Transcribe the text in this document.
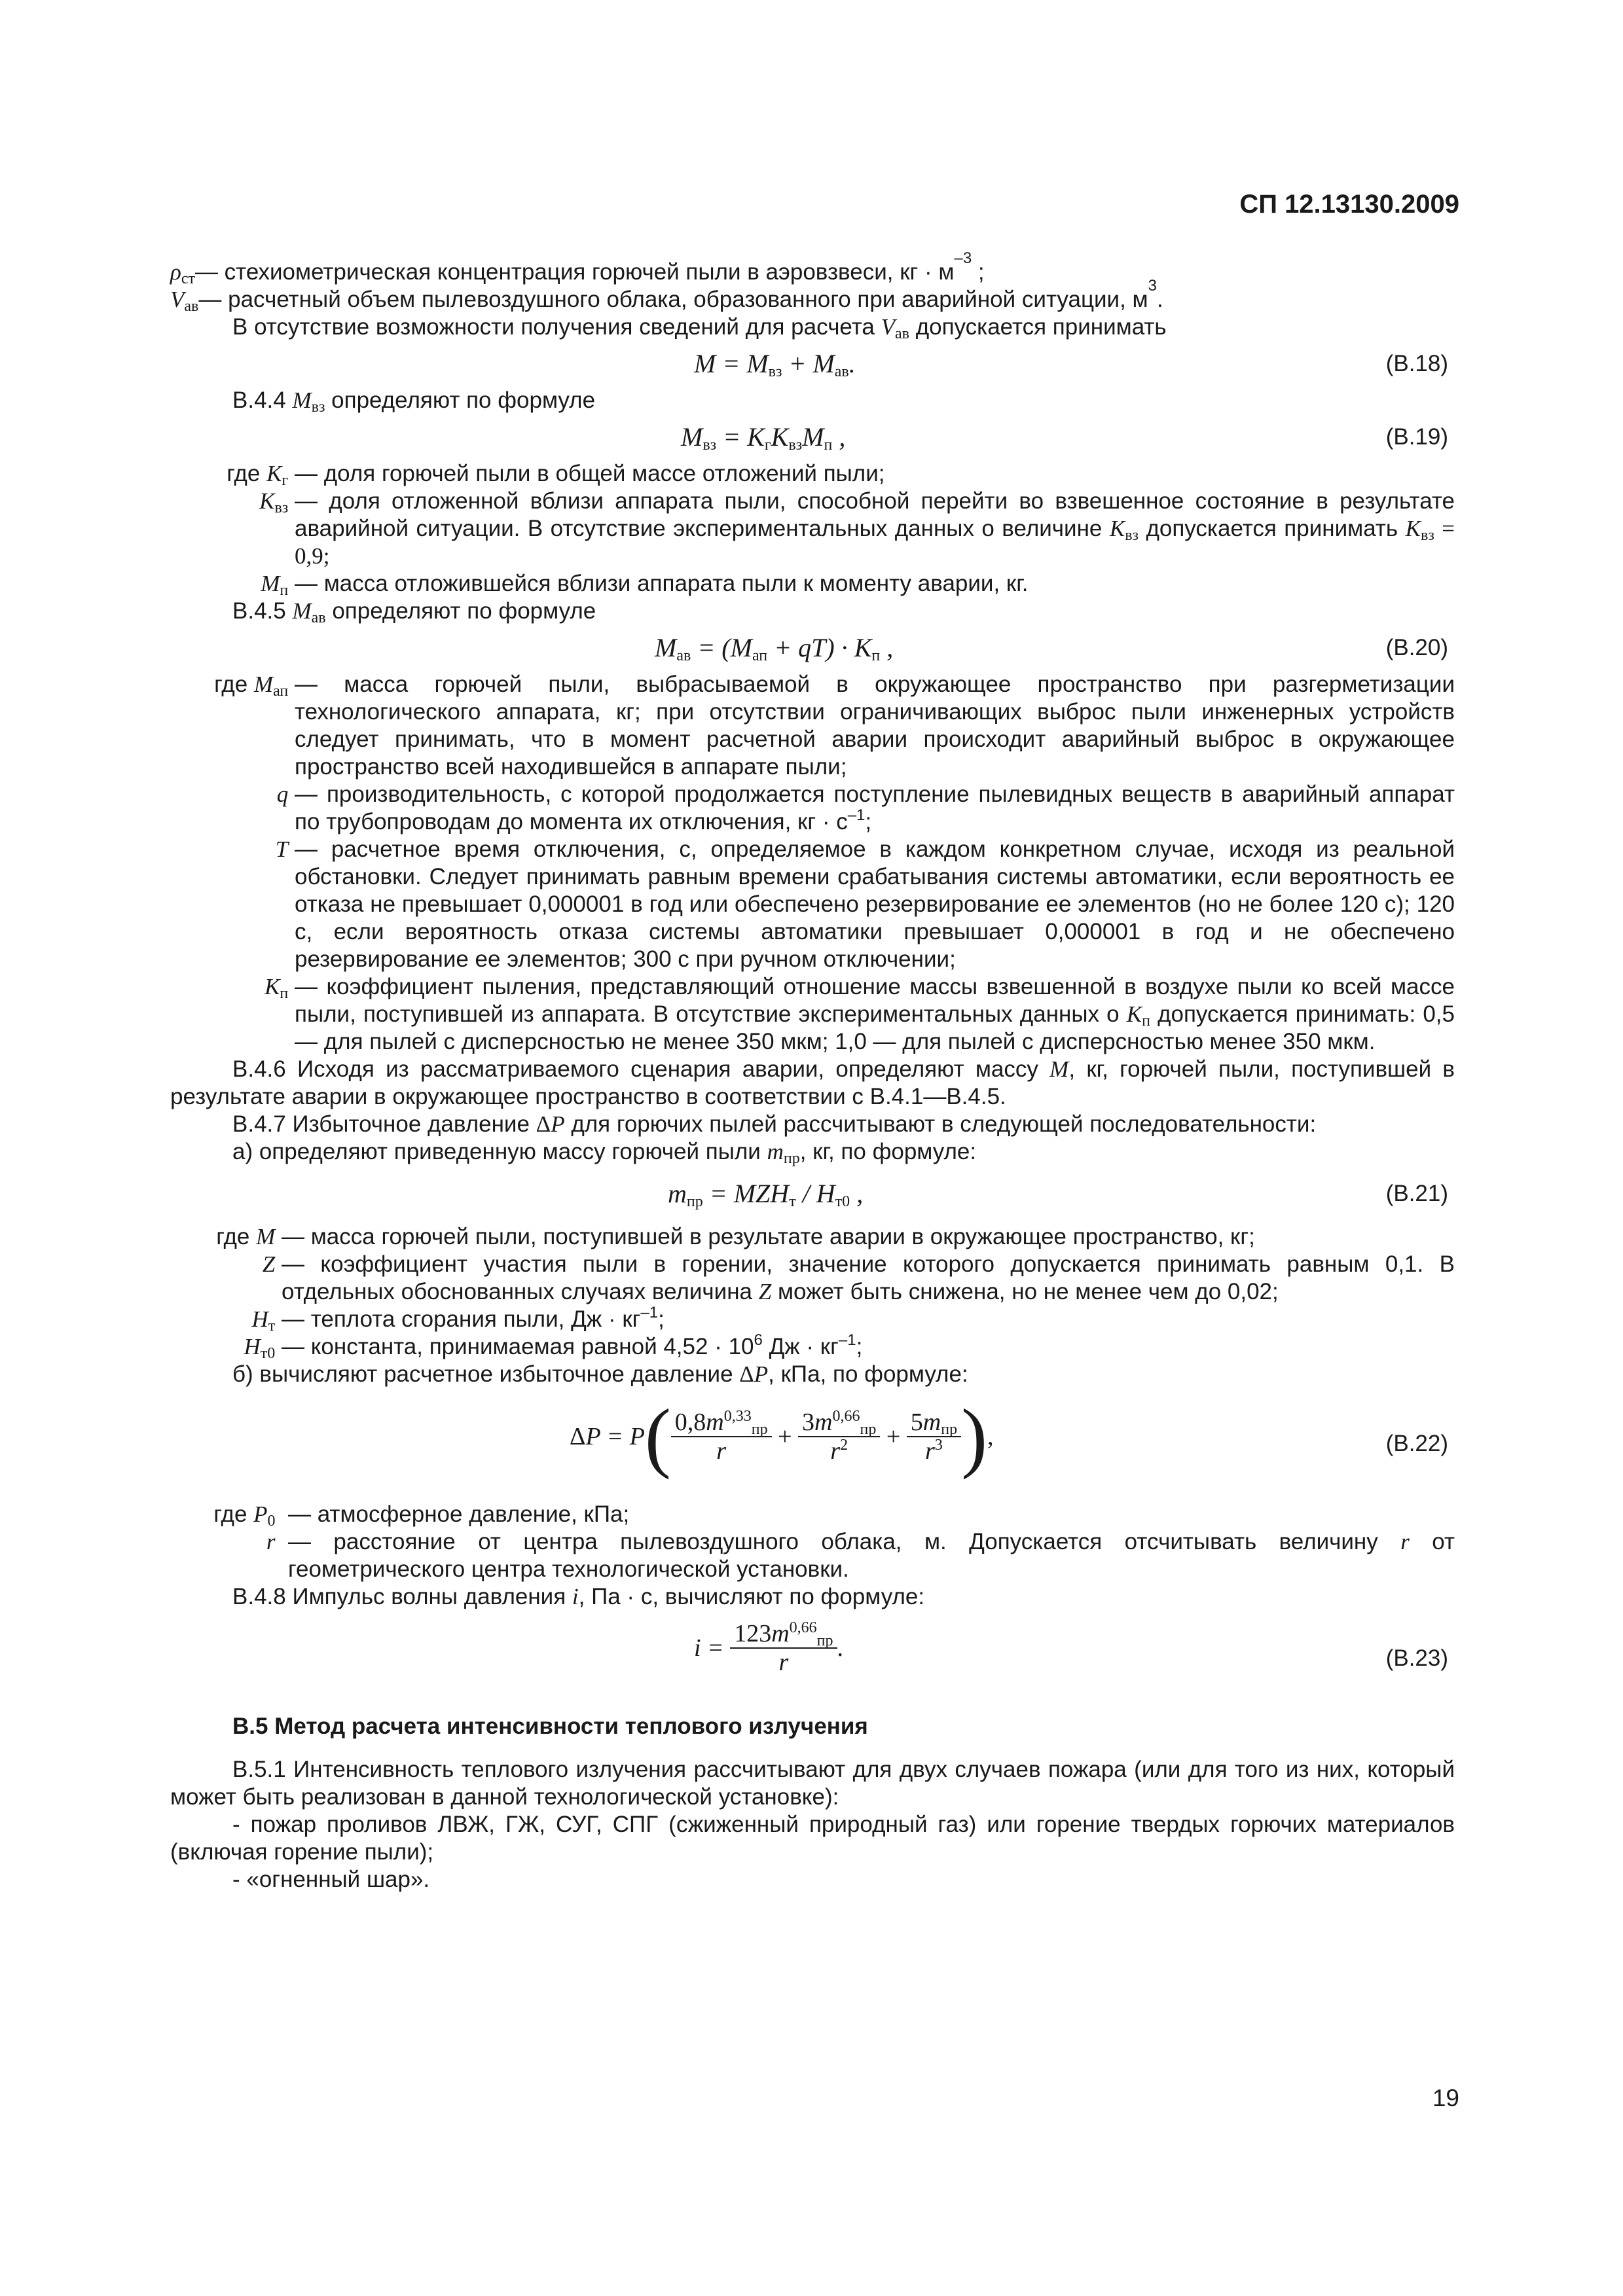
СП 12.13130.2009
$\rho_{ст}$ — стехиометрическая концентрация горючей пыли в аэровзвеси, кг · м
–3
;
$V_{ав}$ — расчетный объем пылевоздушного облака, образованного при аварийной ситуации, м
3
.

В отсутствие возможности получения сведений для расчета $V_{ав}$ допускается принимать

$M = M_{вз} + M_{ав}$.	(В.18)

В.4.4 $M_{вз}$ определяют по формуле

$M_{вз} = K_гK_{вз}M_п$ ,	(В.19)
где $K_г$ — доля горючей пыли в общей массе отложений пыли;
$K_{вз}$ — доля отложенной вблизи аппарата пыли, способной перейти во взвешенное состояние в результате аварийной ситуации. В отсутствие экспериментальных данных о величине $K_{вз}$ допускается принимать $K_{вз} = 0,9$;
$M_п$ — масса отложившейся вблизи аппарата пыли к моменту аварии, кг.

В.4.5 $M_{ав}$ определяют по формуле

$M_{ав} = (M_{ап} + qT) \cdot K_п$ ,	(В.20)
где $M_{ап}$ — масса горючей пыли, выбрасываемой в окружающее пространство при разгерметизации технологического аппарата, кг; при отсутствии ограничивающих выброс пыли инженерных устройств следует принимать, что в момент расчетной аварии происходит аварийный выброс в окружающее пространство всей находившейся в аппарате пыли;
q — производительность, с которой продолжается поступление пылевидных веществ в аварийный аппарат по трубопроводам до момента их отключения, кг · $с^{-1}$;
T — расчетное время отключения, с, определяемое в каждом конкретном случае, исходя из реальной обстановки. Следует принимать равным времени срабатывания системы автоматики, если вероятность ее отказа не превышает 0,000001 в год или обеспечено резервирование ее элементов (но не более 120 с); 120 с, если вероятность отказа системы автоматики превышает 0,000001 в год и не обеспечено резервирование ее элементов; 300 с при ручном отключении;
$K_п$ — коэффициент пыления, представляющий отношение массы взвешенной в воздухе пыли ко всей массе пыли, поступившей из аппарата. В отсутствие экспериментальных данных о $K_п$ допускается принимать: 0,5 — для пылей с дисперсностью не менее 350 мкм; 1,0 — для пылей с дисперсностью менее 350 мкм.

В.4.6 Исходя из рассматриваемого сценария аварии, определяют массу M, кг, горючей пыли, поступившей в результате аварии в окружающее пространство в соответствии с В.4.1—В.4.5.

В.4.7 Избыточное давление ΔP для горючих пылей рассчитывают в следующей последовательности:

а) определяют приведенную массу горючей пыли $m_{пр}$, кг, по формуле:

$m_{пр} = MZH_т / H_{т0}$ ,	(В.21)
где M — масса горючей пыли, поступившей в результате аварии в окружающее пространство, кг;
Z — коэффициент участия пыли в горении, значение которого допускается принимать равным 0,1. В отдельных обоснованных случаях величина Z может быть снижена, но не менее чем до 0,02;
$H_т$ — теплота сгорания пыли, Дж · $кг^{-1}$;
$H_{т0}$ — константа, принимаемая равной $4,52 \cdot 10^6$ Дж · $кг^{-1}$;

б) вычисляют расчетное избыточное давление ΔP, кПа, по формуле:

$\Delta P = P( \frac{0,8m^{0,33}_{пр}}{r} + \frac{3m^{0,66}_{пр}}{r^2} + \frac{5m_{пр}}{r^3}$ ),	(В.22)
где $P_0$ — атмосферное давление, кПа;
r — расстояние от центра пылевоздушного облака, м. Допускается отсчитывать величину r от геометрического центра технологической установки.

В.4.8 Импульс волны давления i, Па · с, вычисляют по формуле:

$i = \frac{123m^{0,66}_{пр}}{r}$ .	(В.23)
В.5 Метод расчета интенсивности теплового излучения

В.5.1 Интенсивность теплового излучения рассчитывают для двух случаев пожара (или для того из них, который может быть реализован в данной технологической установке):

- пожар проливов ЛВЖ, ГЖ, СУГ, СПГ (сжиженный природный газ) или горение твердых горючих материалов (включая горение пыли);

- «огненный шар».

19
